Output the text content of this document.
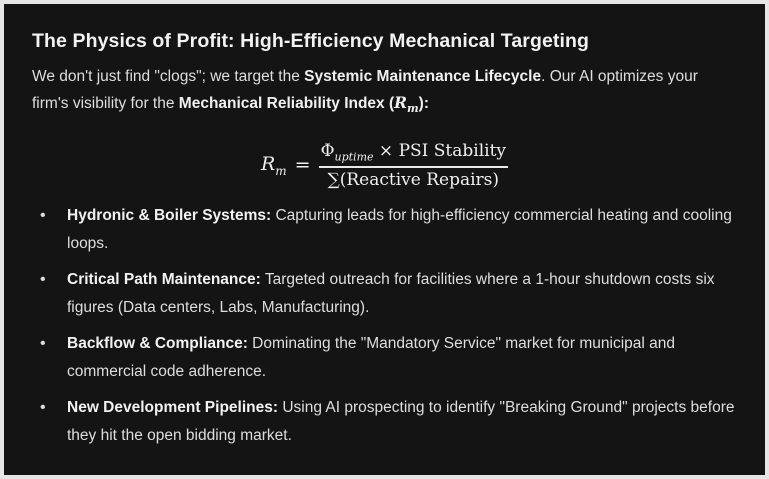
The Physics of Profit: High-Efficiency Mechanical Targeting

We don't just find "clogs"; we target the Systemic Maintenance Lifecycle. Our AI optimizes your firm's visibility for the Mechanical Reliability Index $(R_m)$:

$R_m = \frac{\Phi_{uptime} \times PSI Stability}{\text{∑(Reactive Repairs)}}$
• Hydronic & Boiler Systems: Capturing leads for high-efficiency commercial heating and cooling loops.
• Critical Path Maintenance: Targeted outreach for facilities where a 1-hour shutdown costs six figures (Data centers, Labs, Manufacturing).
• Backflow & Compliance: Dominating the "Mandatory Service" market for municipal and commercial code adherence.
• New Development Pipelines: Using AI prospecting to identify "Breaking Ground" projects before they hit the open bidding market.
